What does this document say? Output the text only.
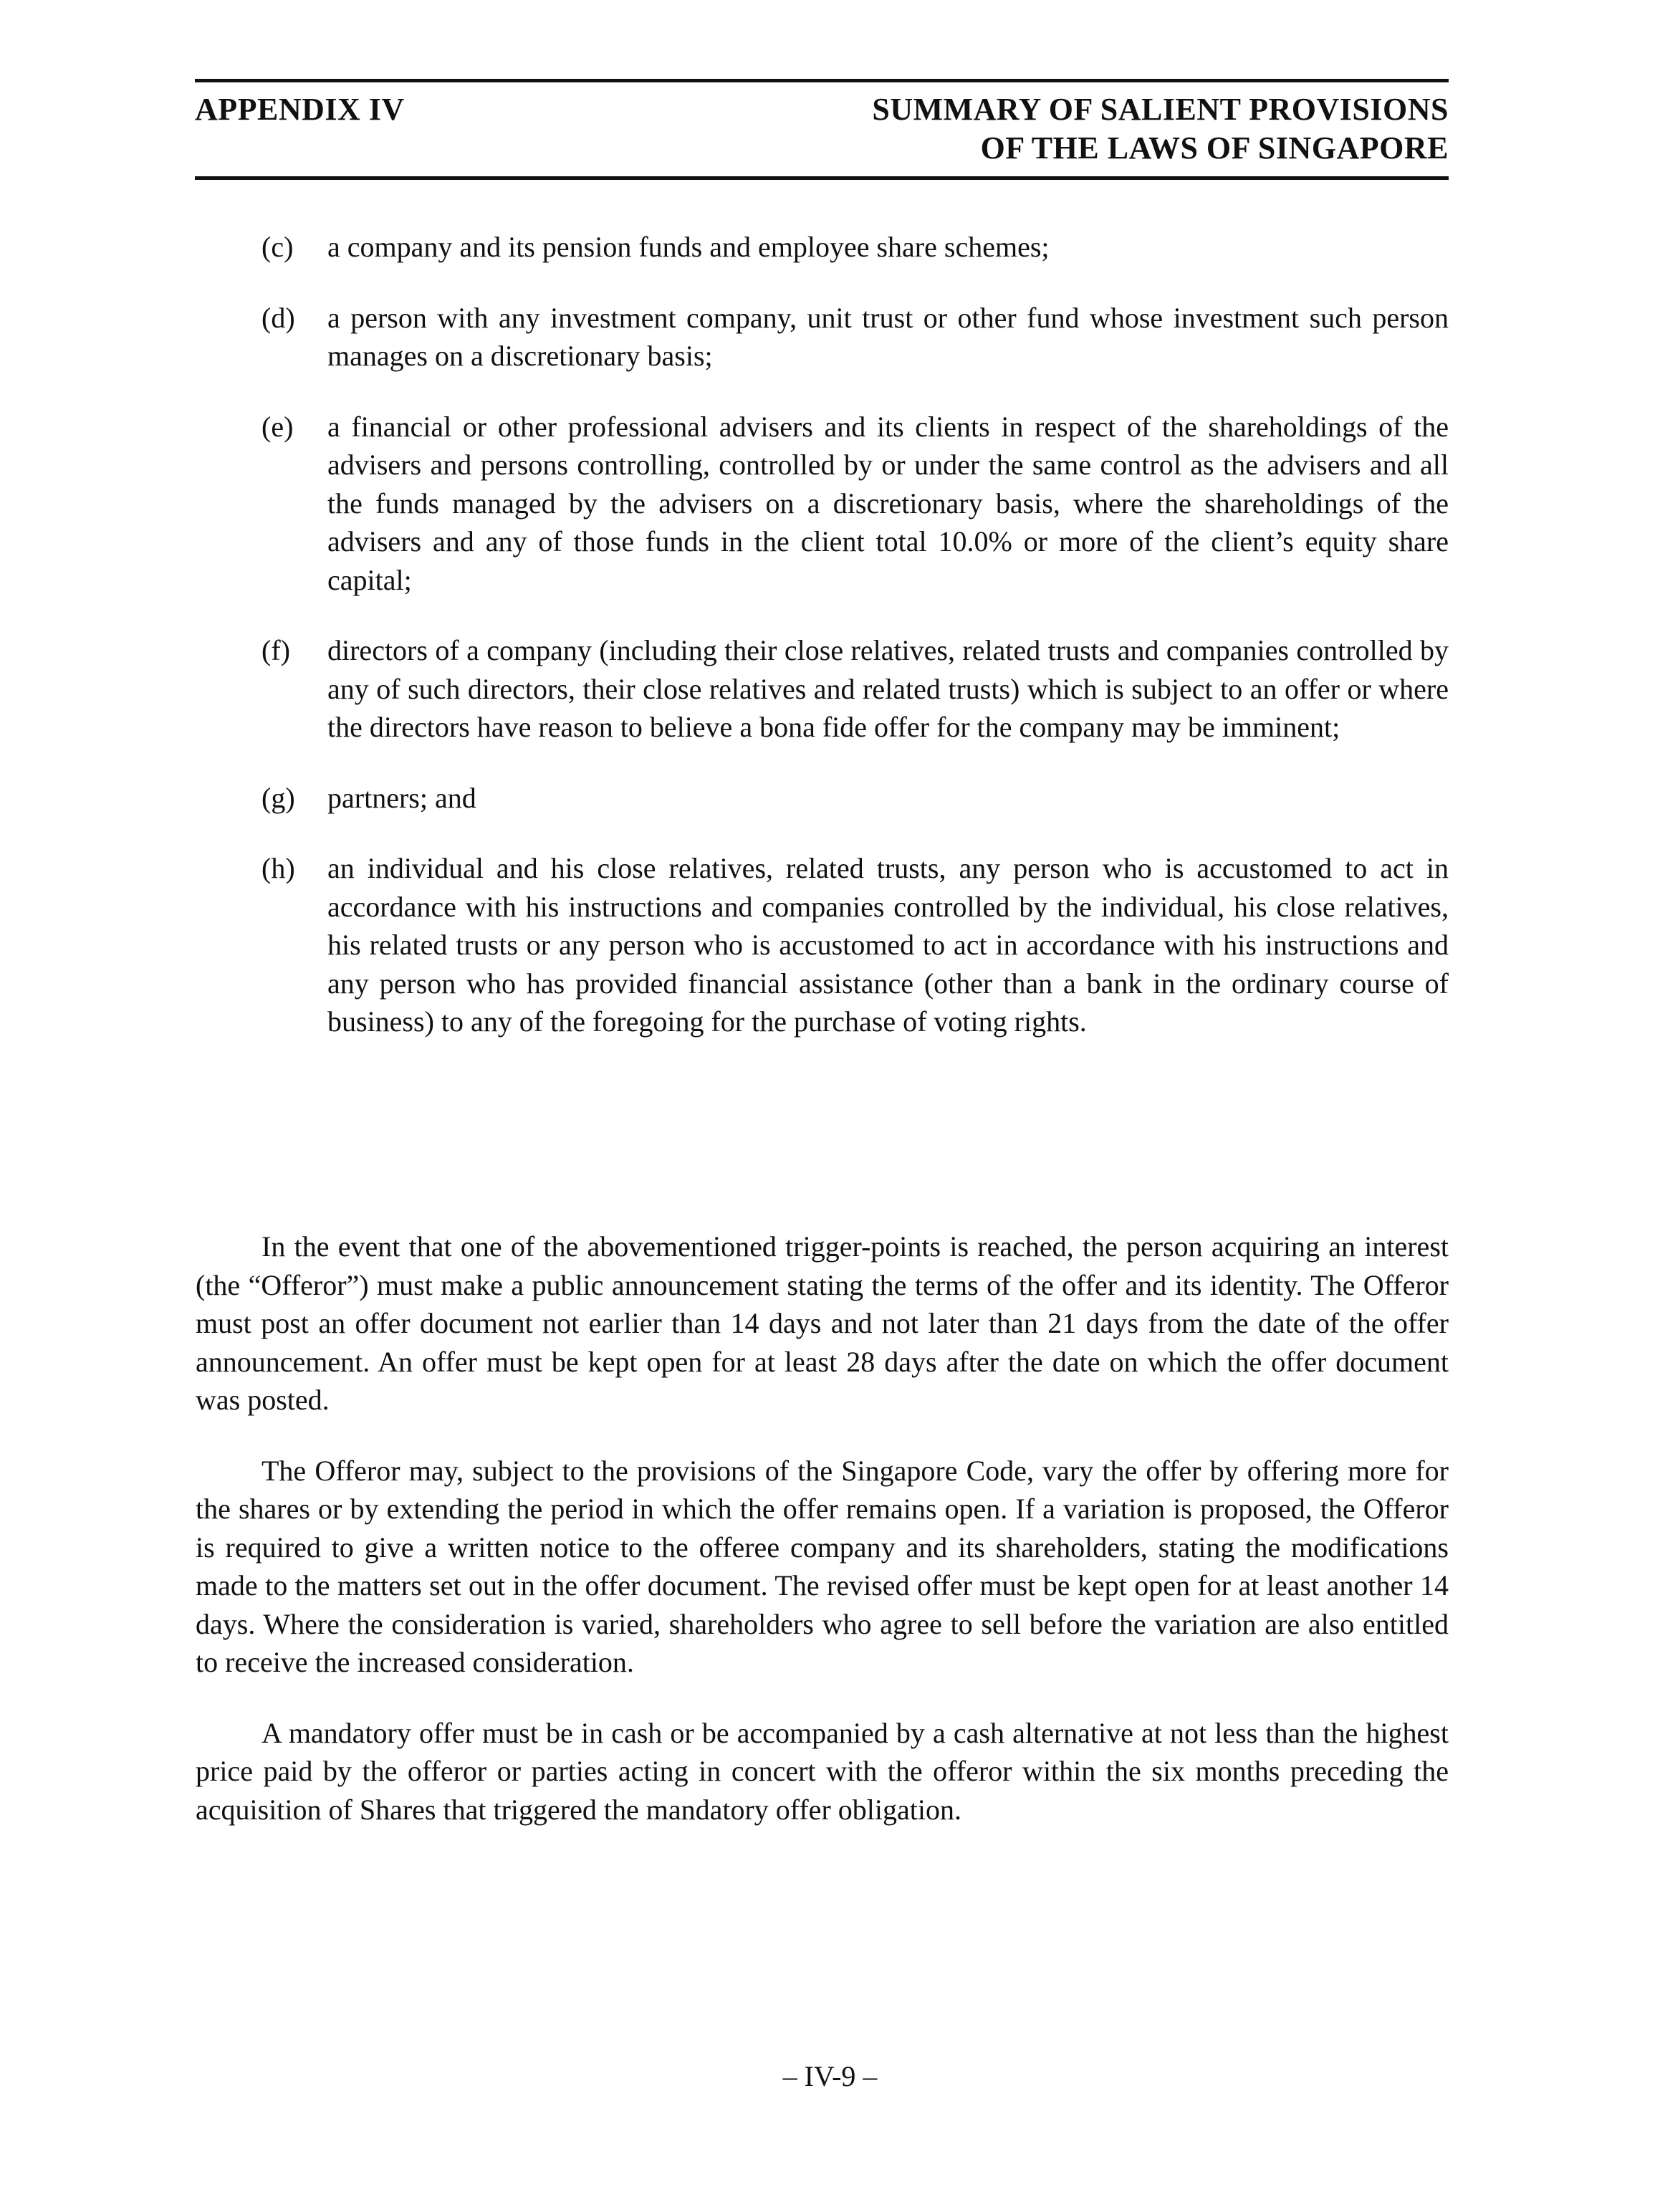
APPENDIX IV	SUMMARY OF SALIENT PROVISIONS
OF THE LAWS OF SINGAPORE
(c)	a company and its pension funds and employee share schemes;
(d)	a person with any investment company, unit trust or other fund whose investment such person manages on a discretionary basis;
(e)	a financial or other professional advisers and its clients in respect of the shareholdings of the advisers and persons controlling, controlled by or under the same control as the advisers and all the funds managed by the advisers on a discretionary basis, where the shareholdings of the advisers and any of those funds in the client total 10.0% or more of the client’s equity share capital;
(f)	directors of a company (including their close relatives, related trusts and companies controlled by any of such directors, their close relatives and related trusts) which is subject to an offer or where the directors have reason to believe a bona fide offer for the company may be imminent;
(g)	partners; and
(h)	an individual and his close relatives, related trusts, any person who is accustomed to act in accordance with his instructions and companies controlled by the individual, his close relatives, his related trusts or any person who is accustomed to act in accordance with his instructions and any person who has provided financial assistance (other than a bank in the ordinary course of business) to any of the foregoing for the purchase of voting rights.

In the event that one of the abovementioned trigger-points is reached, the person acquiring an interest (the “Offeror”) must make a public announcement stating the terms of the offer and its identity. The Offeror must post an offer document not earlier than 14 days and not later than 21 days from the date of the offer announcement. An offer must be kept open for at least 28 days after the date on which the offer document was posted.

The Offeror may, subject to the provisions of the Singapore Code, vary the offer by offering more for the shares or by extending the period in which the offer remains open. If a variation is proposed, the Offeror is required to give a written notice to the offeree company and its shareholders, stating the modifications made to the matters set out in the offer document. The revised offer must be kept open for at least another 14 days. Where the consideration is varied, shareholders who agree to sell before the variation are also entitled to receive the increased consideration.

A mandatory offer must be in cash or be accompanied by a cash alternative at not less than the highest price paid by the offeror or parties acting in concert with the offeror within the six months preceding the acquisition of Shares that triggered the mandatory offer obligation.

– IV-9 –
